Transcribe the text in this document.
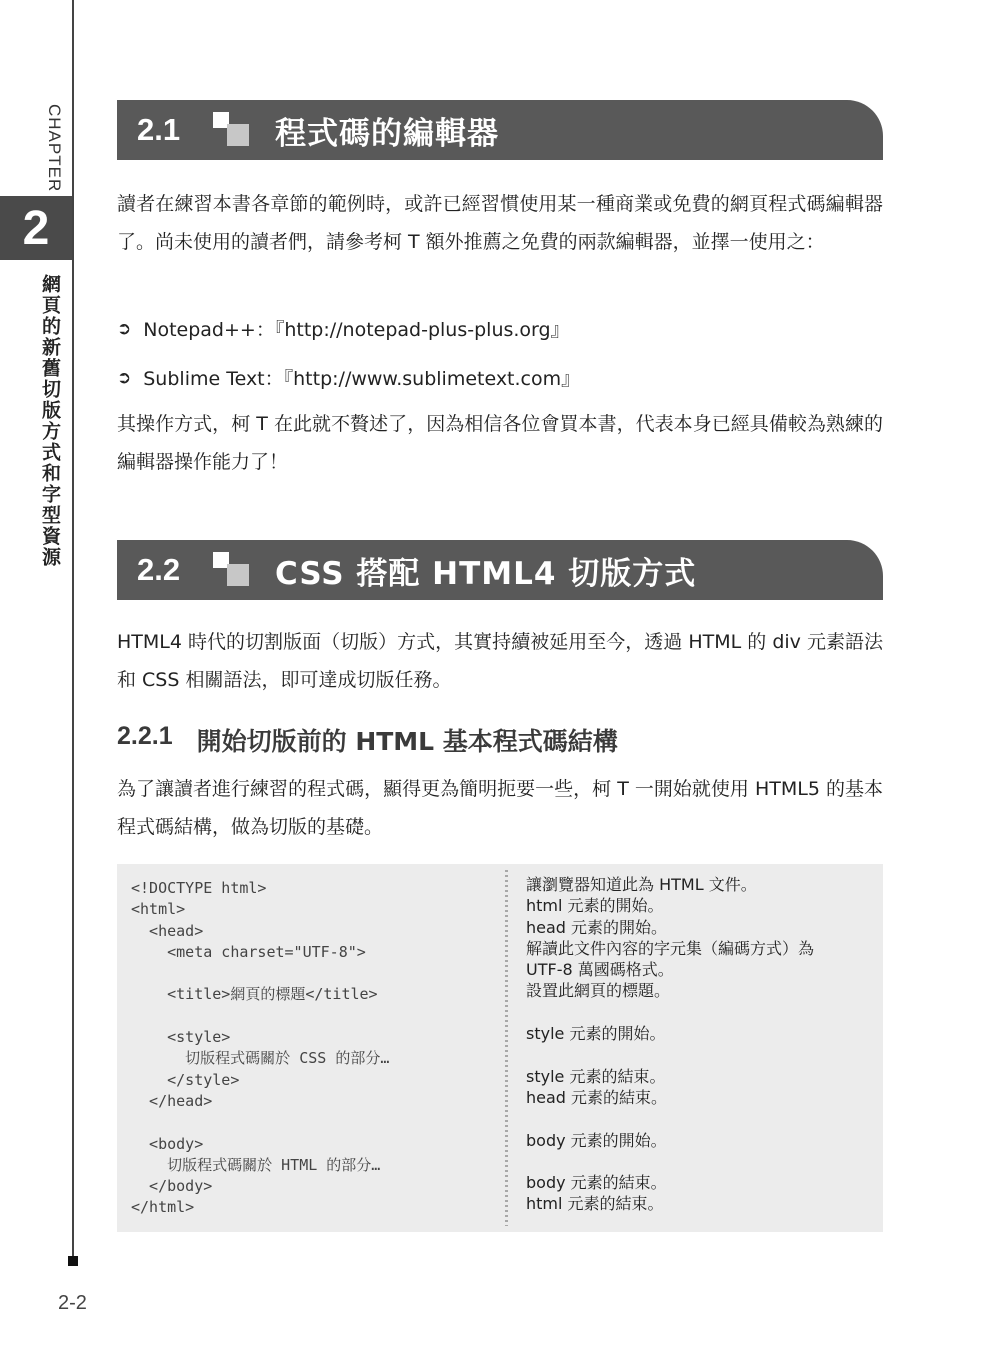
CHAPTER
2
網頁的新舊切版方式和字型資源
2-2
2.1	程式碼的編輯器
讀者在練習本書各章節的範例時，或許已經習慣使用某一種商業或免費的網頁程式碼編輯器了。尚未使用的讀者們，請參考柯 T 額外推薦之免費的兩款編輯器，並擇一使用之：
➲ Notepad++：『http://notepad-plus-plus.org』
➲ Sublime Text：『http://www.sublimetext.com』
其操作方式，柯 T 在此就不贅述了，因為相信各位會買本書，代表本身已經具備較為熟練的編輯器操作能力了！
2.2	CSS 搭配 HTML4 切版方式
HTML4 時代的切割版面（切版）方式，其實持續被延用至今，透過 HTML 的 div 元素語法和 CSS 相關語法，即可達成切版任務。
2.2.1 開始切版前的 HTML 基本程式碼結構
為了讓讀者進行練習的程式碼，顯得更為簡明扼要一些，柯 T 一開始就使用 HTML5 的基本程式碼結構，做為切版的基礎。
<!DOCTYPE html>
<html>
<head>
<meta charset="UTF-8">
<title>網頁的標題</title>
<style>
切版程式碼關於 CSS 的部分…
</style>
</head>
<body>
切版程式碼關於 HTML 的部分…
</body>
</html>
讓瀏覽器知道此為 HTML 文件。
html 元素的開始。
head 元素的開始。
解讀此文件內容的字元集（編碼方式）為
UTF-8 萬國碼格式。
設置此網頁的標題。
style 元素的開始。
style 元素的結束。
head 元素的結束。
body 元素的開始。
body 元素的結束。
html 元素的結束。
